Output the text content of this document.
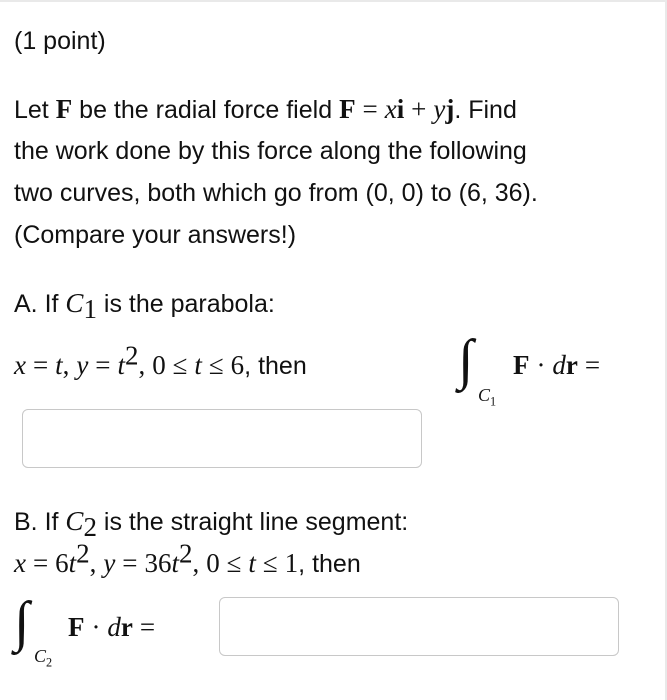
(1 point)
Let F be the radial force field F = xi + yj. Find
the work done by this force along the following
two curves, both which go from (0, 0) to (6, 36).
(Compare your answers!)
A. If $C_1$ is the parabola:
x = t, $y = t^2$, 0 ≤ t ≤ 6, then	∫
$C_1$
F · dr =
B. If $C_2$ is the straight line segment:
$x = 6t^2$, $y = 36t^2$, 0 ≤ t ≤ 1, then
∫
$C_2$
F · dr =
